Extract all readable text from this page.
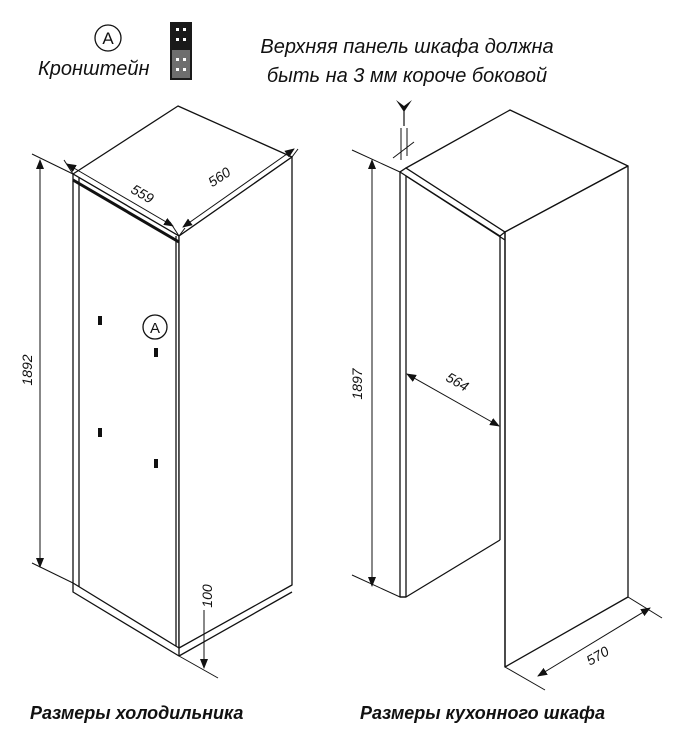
A
A
559
560
1892
100
1897	564
570
Верхняя панель шкафа должна
быть на 3 мм короче боковой
Кронштейн
Размеры холодильника	Размеры кухонного шкафа
